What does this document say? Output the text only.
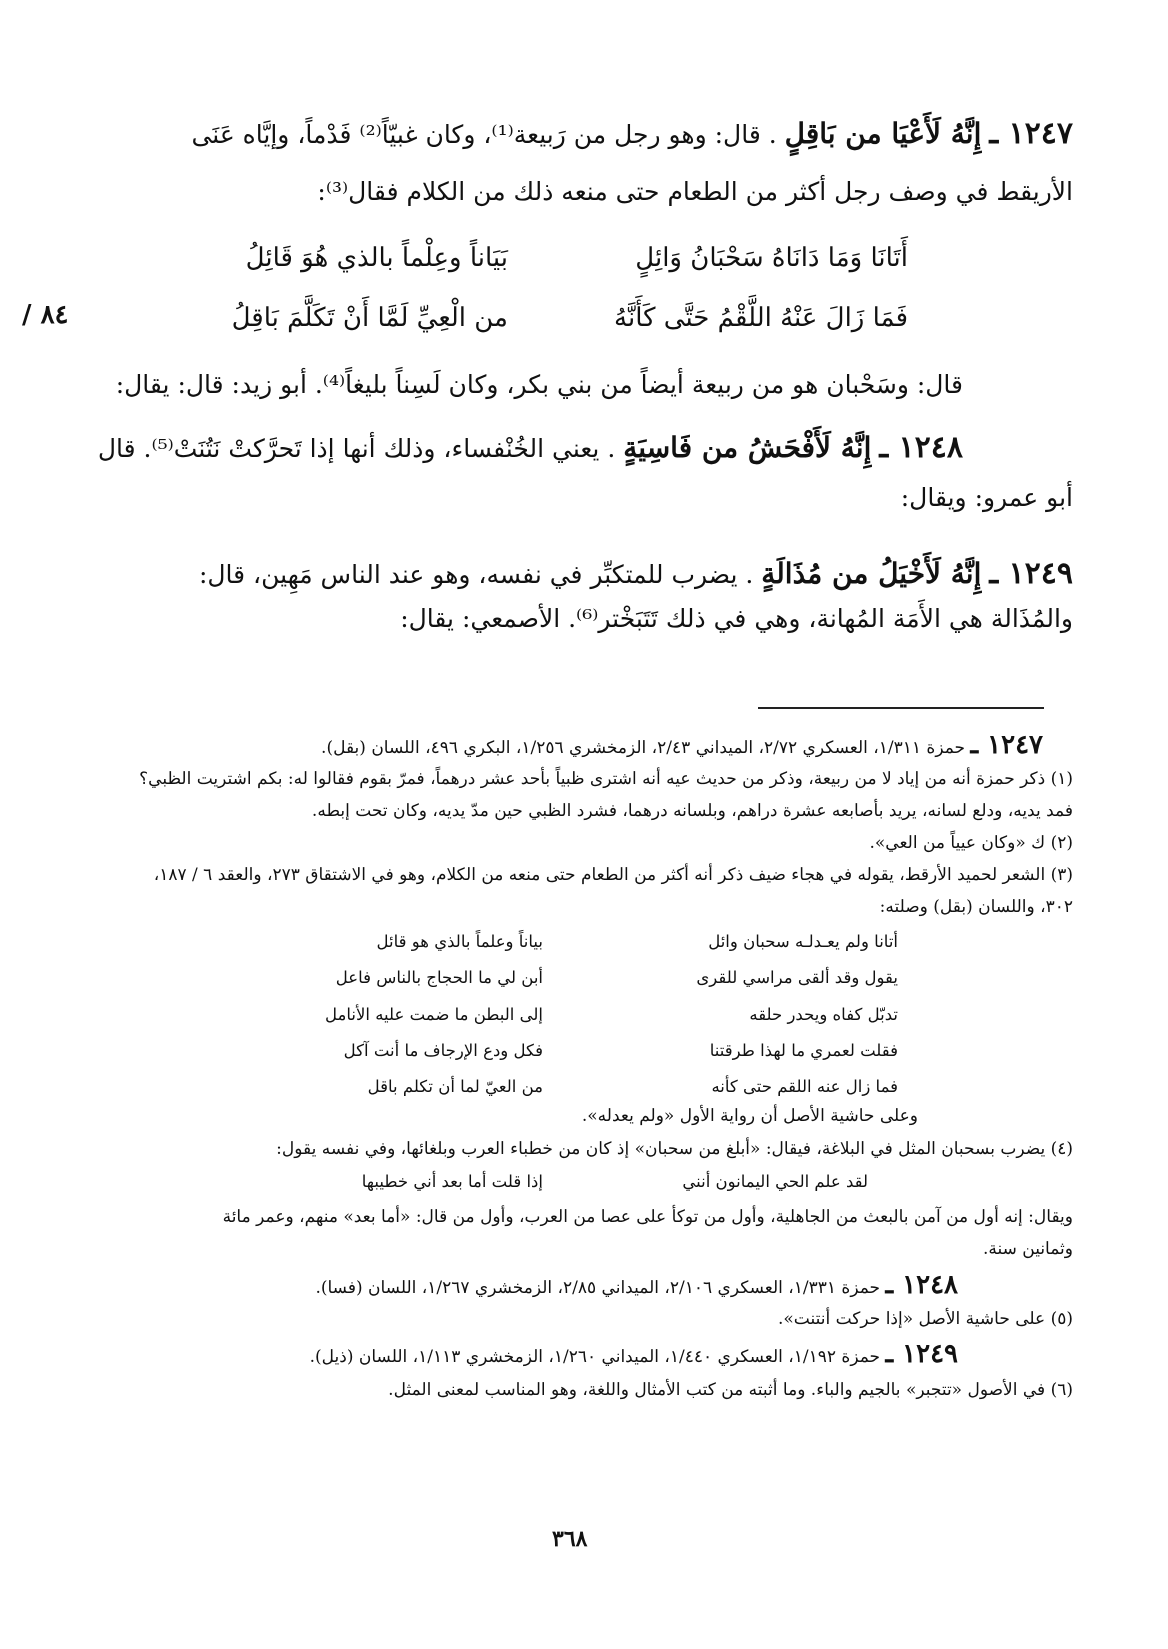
١٢٤٧ ـ إِنَّهُ لَأَعْيَا من بَاقِلٍ . قال: وهو رجل من رَبيعة⁽¹⁾، وكان غبيّاً⁽²⁾ فَدْماً، وإيَّاه عَنَى
الأريقط في وصف رجل أكثر من الطعام حتى منعه ذلك من الكلام فقال⁽³⁾:
أَتَانَا وَمَا دَانَاهُ سَحْبَانُ وَائِلٍ
بَيَاناً وعِلْماً بالذي هُوَ قَائِلُ
فَمَا زَالَ عَنْهُ اللَّقْمُ حَتَّى كَأَنَّهُ
من الْعِيِّ لَمَّا أَنْ تَكَلَّمَ بَاقِلُ
/ ٨٤
قال: وسَحْبان هو من ربيعة أيضاً من بني بكر، وكان لَسِناً بليغاً⁽⁴⁾. أبو زيد: قال: يقال:
١٢٤٨ ـ إِنَّهُ لَأَفْحَشُ من فَاسِيَةٍ . يعني الخُنْفساء، وذلك أنها إذا تَحرَّكتْ نَتُنَتْ⁽⁵⁾. قال
أبو عمرو: ويقال:
١٢٤٩ ـ إِنَّهُ لَأَخْيَلُ من مُذَالَةٍ . يضرب للمتكبِّر في نفسه، وهو عند الناس مَهِين، قال:
والمُذَالة هي الأَمَة المُهانة، وهي في ذلك تَتَبَخْتر⁽⁶⁾. الأصمعي: يقال:
١٢٤٧ ـ حمزة ١/٣١١، العسكري ٢/٧٢، الميداني ٢/٤٣، الزمخشري ١/٢٥٦، البكري ٤٩٦، اللسان (بقل).
(١) ذكر حمزة أنه من إياد لا من ربيعة، وذكر من حديث عيه أنه اشترى ظبياً بأحد عشر درهماً، فمرّ بقوم فقالوا له: بكم اشتريت الظبي؟
فمد يديه، ودلع لسانه، يريد بأصابعه عشرة دراهم، وبلسانه درهما، فشرد الظبي حين مدّ يديه، وكان تحت إبطه.
(٢) ك «وكان عيياً من العي».
(٣) الشعر لحميد الأرقط، يقوله في هجاء ضيف ذكر أنه أكثر من الطعام حتى منعه من الكلام، وهو في الاشتقاق ٢٧٣، والعقد ٦ / ١٨٧،
٣٠٢، واللسان (بقل) وصلته:
أتانا ولم يعـدلـه سحبان وائل
بياناً وعلماً بالذي هو قائل
يقول وقد ألقى مراسي للقرى
أبن لي ما الحجاج بالناس فاعل
تدبّل كفاه ويحدر حلقه
إلى البطن ما ضمت عليه الأنامل
فقلت لعمري ما لهذا طرقتنا
فكل ودع الإرجاف ما أنت آكل
فما زال عنه اللقم حتى كأنه
من العيّ لما أن تكلم باقل
وعلى حاشية الأصل أن رواية الأول «ولم يعدله».
(٤) يضرب بسحبان المثل في البلاغة، فيقال: «أبلغ من سحبان» إذ كان من خطباء العرب وبلغائها، وفي نفسه يقول:
لقد علم الحي اليمانون أنني
إذا قلت أما بعد أني خطيبها
ويقال: إنه أول من آمن بالبعث من الجاهلية، وأول من توكأ على عصا من العرب، وأول من قال: «أما بعد» منهم، وعمر مائة
وثمانين سنة.
١٢٤٨ ـ حمزة ١/٣٣١، العسكري ٢/١٠٦، الميداني ٢/٨٥، الزمخشري ١/٢٦٧، اللسان (فسا).
(٥) على حاشية الأصل «إذا حركت أنتنت».
١٢٤٩ ـ حمزة ١/١٩٢، العسكري ١/٤٤٠، الميداني ١/٢٦٠، الزمخشري ١/١١٣، اللسان (ذيل).
(٦) في الأصول «تتجبر» بالجيم والباء. وما أثبته من كتب الأمثال واللغة، وهو المناسب لمعنى المثل.
٣٦٨
